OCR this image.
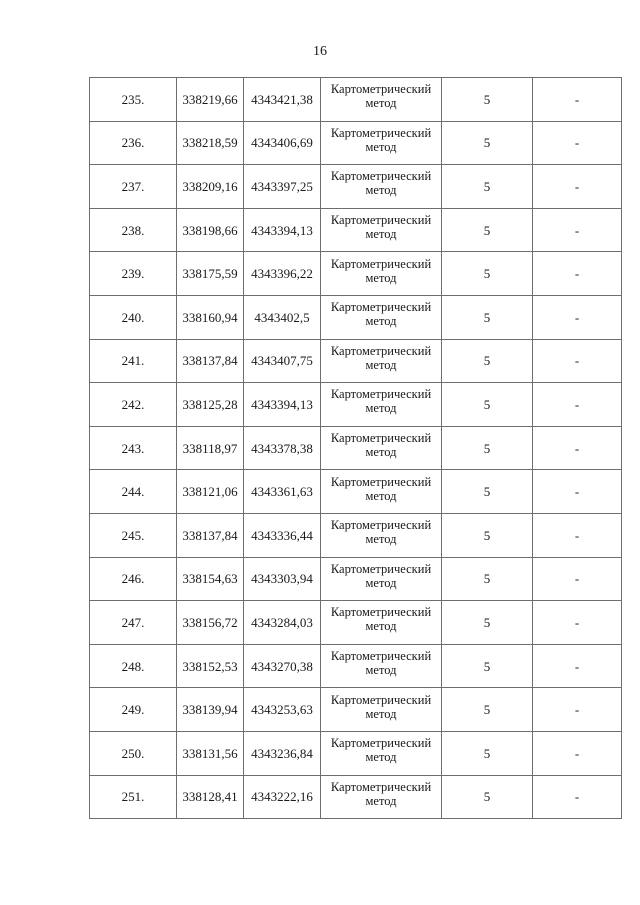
16
235.	338219,66	4343421,38	Картометрический метод	5	-
236.	338218,59	4343406,69	Картометрический метод	5	-
237.	338209,16	4343397,25	Картометрический метод	5	-
238.	338198,66	4343394,13	Картометрический метод	5	-
239.	338175,59	4343396,22	Картометрический метод	5	-
240.	338160,94	4343402,5	Картометрический метод	5	-
241.	338137,84	4343407,75	Картометрический метод	5	-
242.	338125,28	4343394,13	Картометрический метод	5	-
243.	338118,97	4343378,38	Картометрический метод	5	-
244.	338121,06	4343361,63	Картометрический метод	5	-
245.	338137,84	4343336,44	Картометрический метод	5	-
246.	338154,63	4343303,94	Картометрический метод	5	-
247.	338156,72	4343284,03	Картометрический метод	5	-
248.	338152,53	4343270,38	Картометрический метод	5	-
249.	338139,94	4343253,63	Картометрический метод	5	-
250.	338131,56	4343236,84	Картометрический метод	5	-
251.	338128,41	4343222,16	Картометрический метод	5	-
